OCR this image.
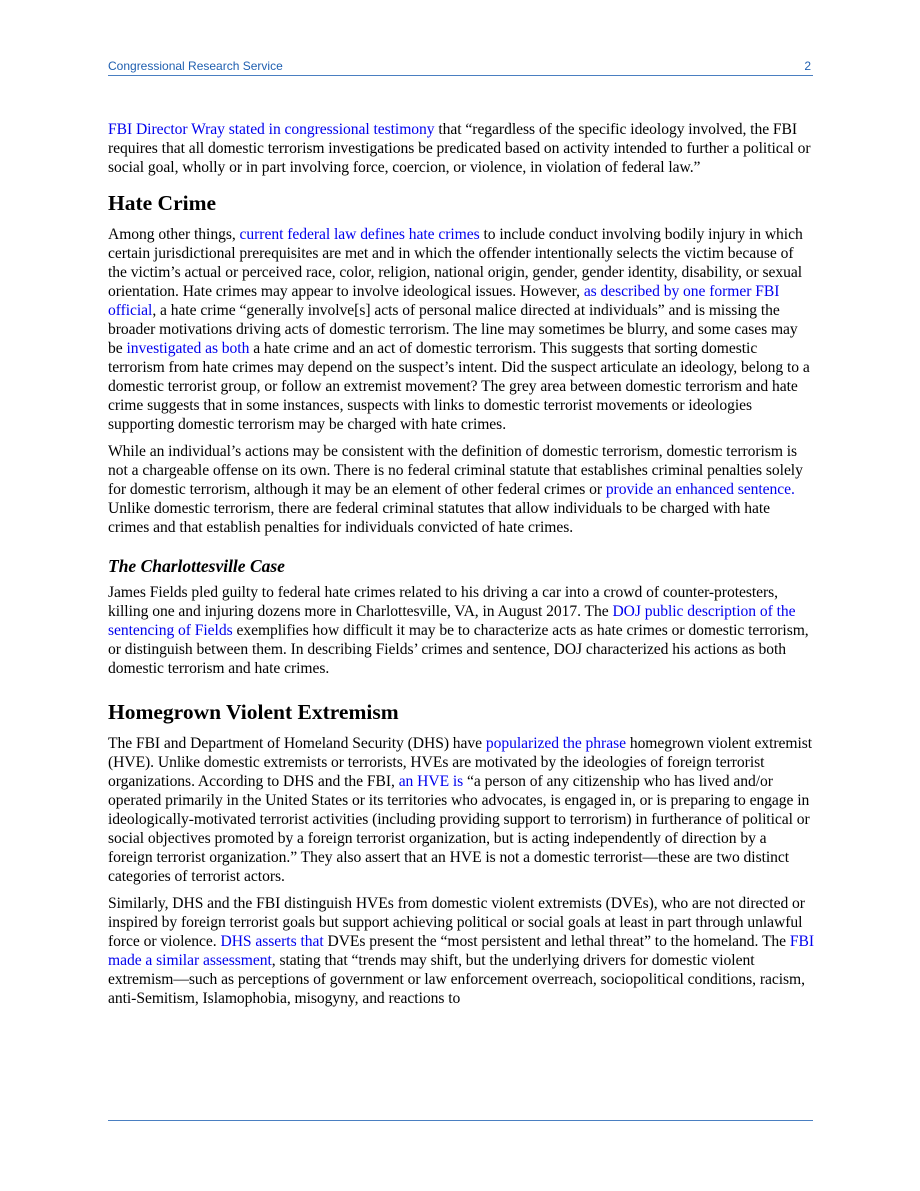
Congressional Research Service	2

FBI Director Wray stated in congressional testimony that “regardless of the specific ideology involved, the FBI requires that all domestic terrorism investigations be predicated based on activity intended to further a political or social goal, wholly or in part involving force, coercion, or violence, in violation of federal law.”

Hate Crime

Among other things, current federal law defines hate crimes to include conduct involving bodily injury in which certain jurisdictional prerequisites are met and in which the offender intentionally selects the victim because of the victim’s actual or perceived race, color, religion, national origin, gender, gender identity, disability, or sexual orientation. Hate crimes may appear to involve ideological issues. However, as described by one former FBI official, a hate crime “generally involve[s] acts of personal malice directed at individuals” and is missing the broader motivations driving acts of domestic terrorism. The line may sometimes be blurry, and some cases may be investigated as both a hate crime and an act of domestic terrorism. This suggests that sorting domestic terrorism from hate crimes may depend on the suspect’s intent. Did the suspect articulate an ideology, belong to a domestic terrorist group, or follow an extremist movement? The grey area between domestic terrorism and hate crime suggests that in some instances, suspects with links to domestic terrorist movements or ideologies supporting domestic terrorism may be charged with hate crimes.

While an individual’s actions may be consistent with the definition of domestic terrorism, domestic terrorism is not a chargeable offense on its own. There is no federal criminal statute that establishes criminal penalties solely for domestic terrorism, although it may be an element of other federal crimes or provide an enhanced sentence. Unlike domestic terrorism, there are federal criminal statutes that allow individuals to be charged with hate crimes and that establish penalties for individuals convicted of hate crimes.

The Charlottesville Case

James Fields pled guilty to federal hate crimes related to his driving a car into a crowd of counter-protesters, killing one and injuring dozens more in Charlottesville, VA, in August 2017. The DOJ public description of the sentencing of Fields exemplifies how difficult it may be to characterize acts as hate crimes or domestic terrorism, or distinguish between them. In describing Fields’ crimes and sentence, DOJ characterized his actions as both domestic terrorism and hate crimes.

Homegrown Violent Extremism

The FBI and Department of Homeland Security (DHS) have popularized the phrase homegrown violent extremist (HVE). Unlike domestic extremists or terrorists, HVEs are motivated by the ideologies of foreign terrorist organizations. According to DHS and the FBI, an HVE is “a person of any citizenship who has lived and/or operated primarily in the United States or its territories who advocates, is engaged in, or is preparing to engage in ideologically-motivated terrorist activities (including providing support to terrorism) in furtherance of political or social objectives promoted by a foreign terrorist organization, but is acting independently of direction by a foreign terrorist organization.” They also assert that an HVE is not a domestic terrorist—these are two distinct categories of terrorist actors.

Similarly, DHS and the FBI distinguish HVEs from domestic violent extremists (DVEs), who are not directed or inspired by foreign terrorist goals but support achieving political or social goals at least in part through unlawful force or violence. DHS asserts that DVEs present the “most persistent and lethal threat” to the homeland. The FBI made a similar assessment, stating that “trends may shift, but the underlying drivers for domestic violent extremism—such as perceptions of government or law enforcement overreach, sociopolitical conditions, racism, anti-Semitism, Islamophobia, misogyny, and reactions to
